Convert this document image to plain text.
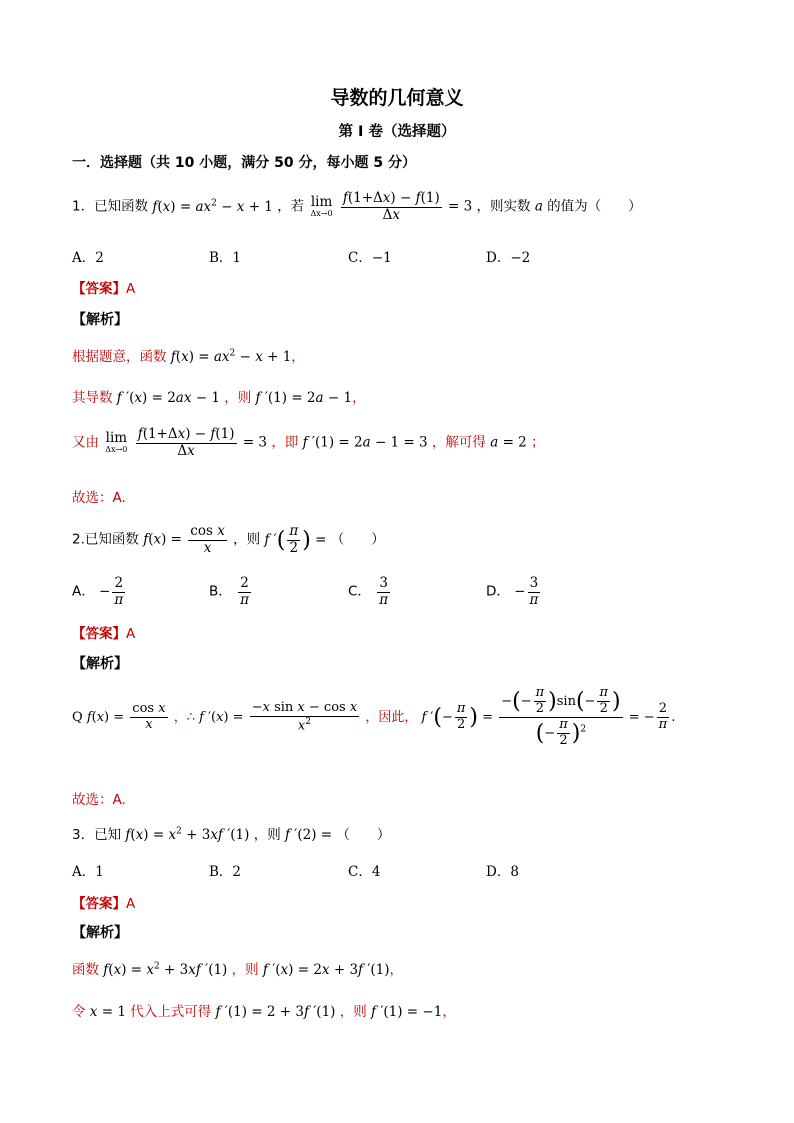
导数的几何意义
第 I 卷（选择题）
一．选择题（共 10 小题，满分 50 分，每小题 5 分）
1．已知函数 $f(x) = ax^2 - x + 1$ ，若 lim
Δx→0
$\frac{f(1+\Delta x) - f(1)}{\Delta x} = 3$ ，则实数 a 的值为（　　）
A．2	B．1	C．−1	D．−2
【答案】A
【解析】
根据题意，函数 $f(x) = ax^2 - x + 1$，
其导数 f ′(x) = 2ax − 1 ，则 f ′(1) = 2a − 1，
又由 lim
Δx→0
$\frac{f(1+\Delta x) - f(1)}{\Delta x} = 3$ ，即 f ′(1) = 2a − 1 = 3 ，解可得 a = 2 ；
故选：A.
2.已知函数 $f(x) = \frac{\text{cos x}}{x}$ ，则 f ′( $\frac{\pi}{2}$ ) = （　　）
A． − $\frac{2}{\pi}$	B． $\frac{2}{\pi}$	C． $\frac{3}{\pi}$	D． − $\frac{3}{\pi}$
【答案】A
【解析】
Q $f(x) = \frac{\text{cos x}}{x}$ ，∴ f $'(x) = \frac{\text{−x sin x − cos x}}{x^2}$ ，因此， f ′(− $\frac{\pi}{2}$ ) = $\frac{-(- \frac{\pi}{2} )\sin(- \frac{\pi}{2} )}{(- \frac{\pi}{2} )^2}$ = − $\frac{2}{\pi}$ .
故选：A.
3．已知 $f(x) = x^2 + 3xf$ ′(1) ，则 f ′(2) = （　　）
A．1	B．2	C．4	D．8
【答案】A
【解析】
函数 $f(x) = x^2 + 3xf$ ′(1) ，则 f ′(x) = 2x + 3f ′(1)，
令 x = 1 代入上式可得 f ′(1) = 2 + 3f ′(1) ，则 f ′(1) = −1，
